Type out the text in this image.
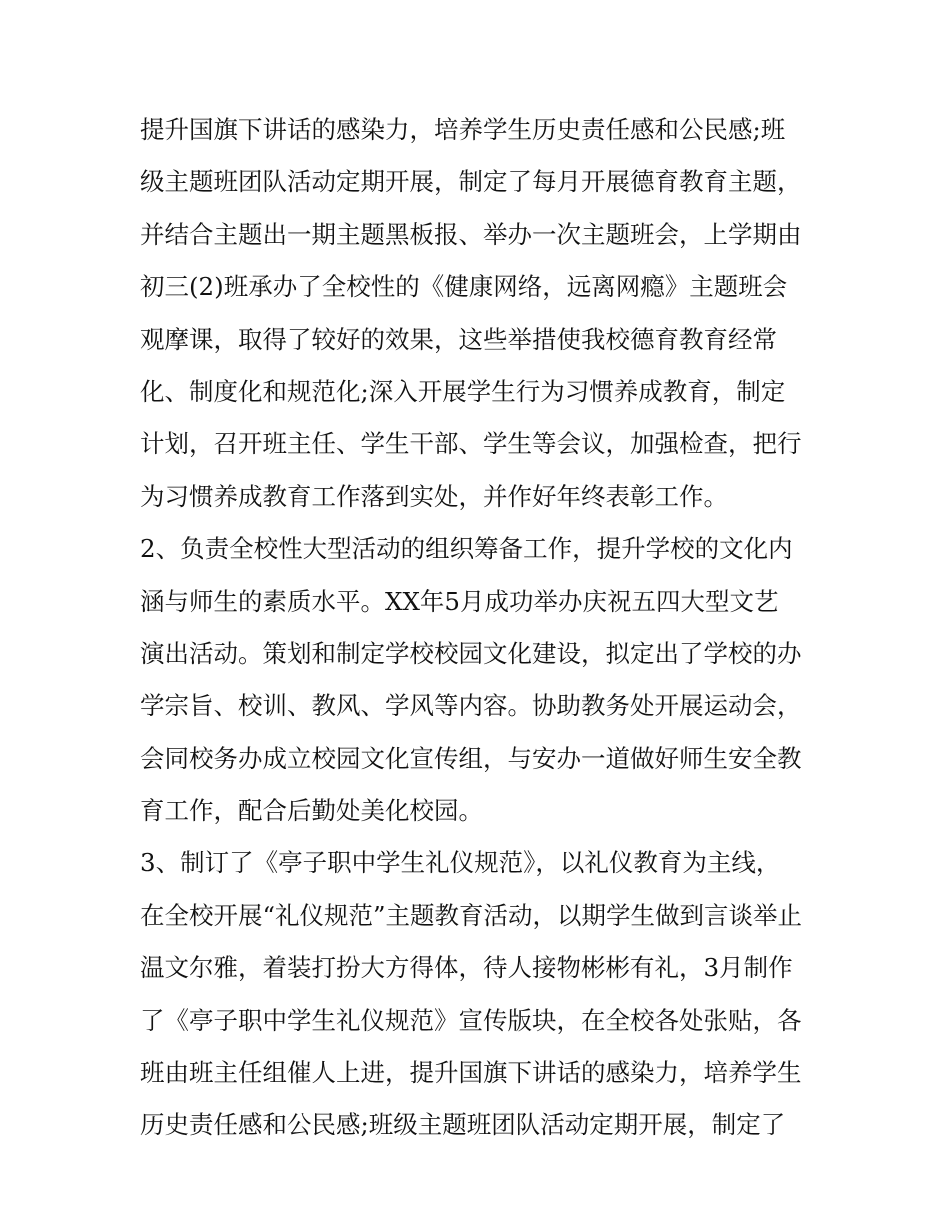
提升国旗下讲话的感染力，培养学生历史责任感和公民感;班
级主题班团队活动定期开展，制定了每月开展德育教育主题，
并结合主题出一期主题黑板报、举办一次主题班会，上学期由
初三(2)班承办了全校性的《健康网络，远离网瘾》主题班会
观摩课，取得了较好的效果，这些举措使我校德育教育经常
化、制度化和规范化;深入开展学生行为习惯养成教育，制定
计划，召开班主任、学生干部、学生等会议，加强检查，把行
为习惯养成教育工作落到实处，并作好年终表彰工作。
2、负责全校性大型活动的组织筹备工作，提升学校的文化内
涵与师生的素质水平。XX年5月成功举办庆祝五四大型文艺
演出活动。策划和制定学校校园文化建设，拟定出了学校的办
学宗旨、校训、教风、学风等内容。协助教务处开展运动会，
会同校务办成立校园文化宣传组，与安办一道做好师生安全教
育工作，配合后勤处美化校园。
3、制订了《亭子职中学生礼仪规范》，以礼仪教育为主线，
在全校开展“礼仪规范”主题教育活动，以期学生做到言谈举止
温文尔雅，着装打扮大方得体，待人接物彬彬有礼，3月制作
了《亭子职中学生礼仪规范》宣传版块，在全校各处张贴，各
班由班主任组催人上进，提升国旗下讲话的感染力，培养学生
历史责任感和公民感;班级主题班团队活动定期开展，制定了
